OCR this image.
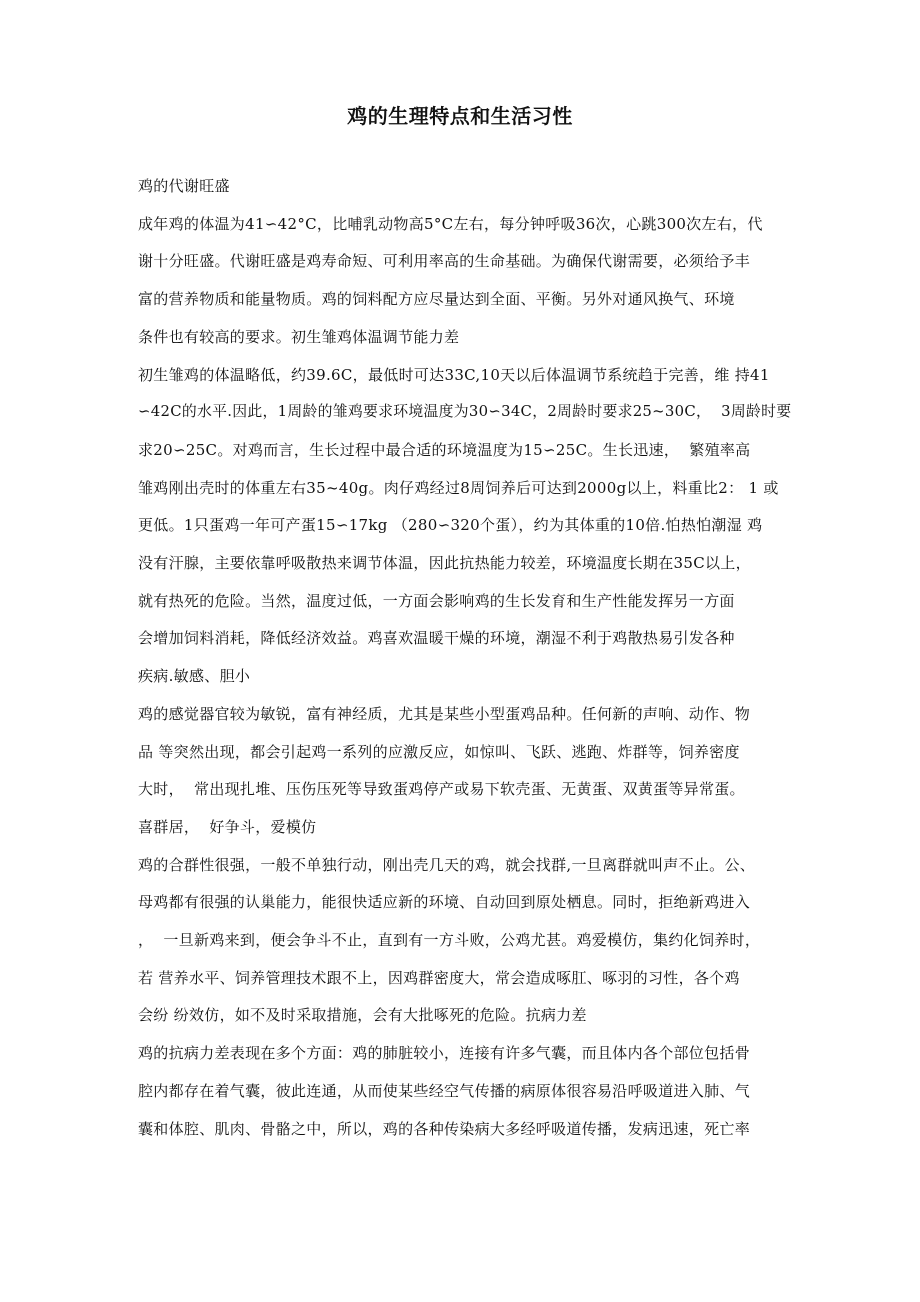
鸡的生理特点和生活习性
鸡的代谢旺盛
成年鸡的体温为41∽42°C，比哺乳动物高5°C左右，每分钟呼吸36次，心跳300次左右，代
谢十分旺盛。代谢旺盛是鸡寿命短、可利用率高的生命基础。为确保代谢需要，必须给予丰
富的营养物质和能量物质。鸡的饲料配方应尽量达到全面、平衡。另外对通风换气、环境
条件也有较高的要求。初生雏鸡体温调节能力差
初生雏鸡的体温略低，约39.6C，最低时可达33C,10天以后体温调节系统趋于完善，维 持41
∽42C的水平.因此，1周龄的雏鸡要求环境温度为30∽34C，2周龄时要求25~30C，  3周龄时要
求20∽25C。对鸡而言，生长过程中最合适的环境温度为15∽25C。生长迅速，  繁殖率高
雏鸡刚出壳时的体重左右35~40g。肉仔鸡经过8周饲养后可达到2000g以上，料重比2： 1 或
更低。1只蛋鸡一年可产蛋15∽17kg （280∽320个蛋），约为其体重的10倍.怕热怕潮湿 鸡
没有汗腺，主要依靠呼吸散热来调节体温，因此抗热能力较差，环境温度长期在35C以上，
就有热死的危险。当然，温度过低，一方面会影响鸡的生长发育和生产性能发挥另一方面
会增加饲料消耗，降低经济效益。鸡喜欢温暖干燥的环境，潮湿不利于鸡散热易引发各种
疾病.敏感、胆小
鸡的感觉器官较为敏锐，富有神经质，尤其是某些小型蛋鸡品种。任何新的声响、动作、物
品 等突然出现，都会引起鸡一系列的应激反应，如惊叫、飞跃、逃跑、炸群等，饲养密度
大时，  常出现扎堆、压伤压死等导致蛋鸡停产或易下软壳蛋、无黄蛋、双黄蛋等异常蛋。
喜群居，  好争斗，爱模仿
鸡的合群性很强，一般不单独行动，刚出壳几天的鸡，就会找群,一旦离群就叫声不止。公、
母鸡都有很强的认巢能力，能很快适应新的环境、自动回到原处栖息。同时，拒绝新鸡进入
，  一旦新鸡来到，便会争斗不止，直到有一方斗败，公鸡尤甚。鸡爱模仿，集约化饲养时，
若 营养水平、饲养管理技术跟不上，因鸡群密度大，常会造成啄肛、啄羽的习性，各个鸡
会纷 纷效仿，如不及时采取措施，会有大批啄死的危险。抗病力差
鸡的抗病力差表现在多个方面：鸡的肺脏较小，连接有许多气囊，而且体内各个部位包括骨
腔内都存在着气囊，彼此连通，从而使某些经空气传播的病原体很容易沿呼吸道进入肺、气
囊和体腔、肌肉、骨骼之中，所以，鸡的各种传染病大多经呼吸道传播，发病迅速，死亡率
